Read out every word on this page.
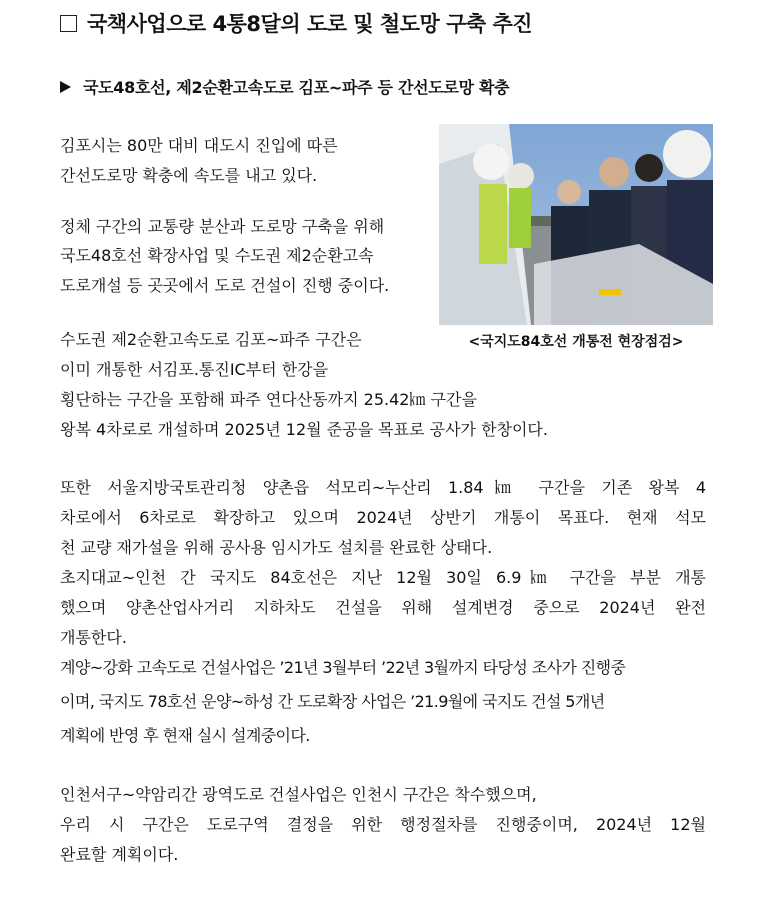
국책사업으로 4통8달의 도로 및 철도망 구축 추진
국도48호선, 제2순환고속도로 김포~파주 등 간선도로망 확충
<국지도84호선 개통전 현장점검>
김포시는 80만 대비 대도시 진입에 따른
간선도로망 확충에 속도를 내고 있다.
정체 구간의 교통량 분산과 도로망 구축을 위해
국도48호선 확장사업 및 수도권 제2순환고속
도로개설 등 곳곳에서 도로 건설이 진행 중이다.
수도권 제2순환고속도로 김포~파주 구간은
이미 개통한 서김포.통진IC부터 한강을
횡단하는 구간을 포함해 파주 연다산동까지 25.42㎞ 구간을
왕복 4차로로 개설하며 2025년 12월 준공을 목표로 공사가 한창이다.
또한 서울지방국토관리청 양촌읍 석모리~누산리 1.84㎞ 구간을 기존 왕복 4
차로에서 6차로로 확장하고 있으며 2024년 상반기 개통이 목표다. 현재 석모
천 교량 재가설을 위해 공사용 임시가도 설치를 완료한 상태다.
초지대교~인천 간 국지도 84호선은 지난 12월 30일 6.9㎞ 구간을 부분 개통
했으며 양촌산업사거리 지하차도 건설을 위해 설계변경 중으로 2024년 완전
개통한다.
계양~강화 고속도로 건설사업은 ’21년 3월부터 ’22년 3월까지 타당성 조사가 진행중
이며, 국지도 78호선 운양~하성 간 도로확장 사업은 ’21.9월에 국지도 건설 5개년
계획에 반영 후 현재 실시 설계중이다.
인천서구~약암리간 광역도로 건설사업은 인천시 구간은 착수했으며,
우리 시 구간은 도로구역 결정을 위한 행정절차를 진행중이며, 2024년 12월
완료할 계획이다.
